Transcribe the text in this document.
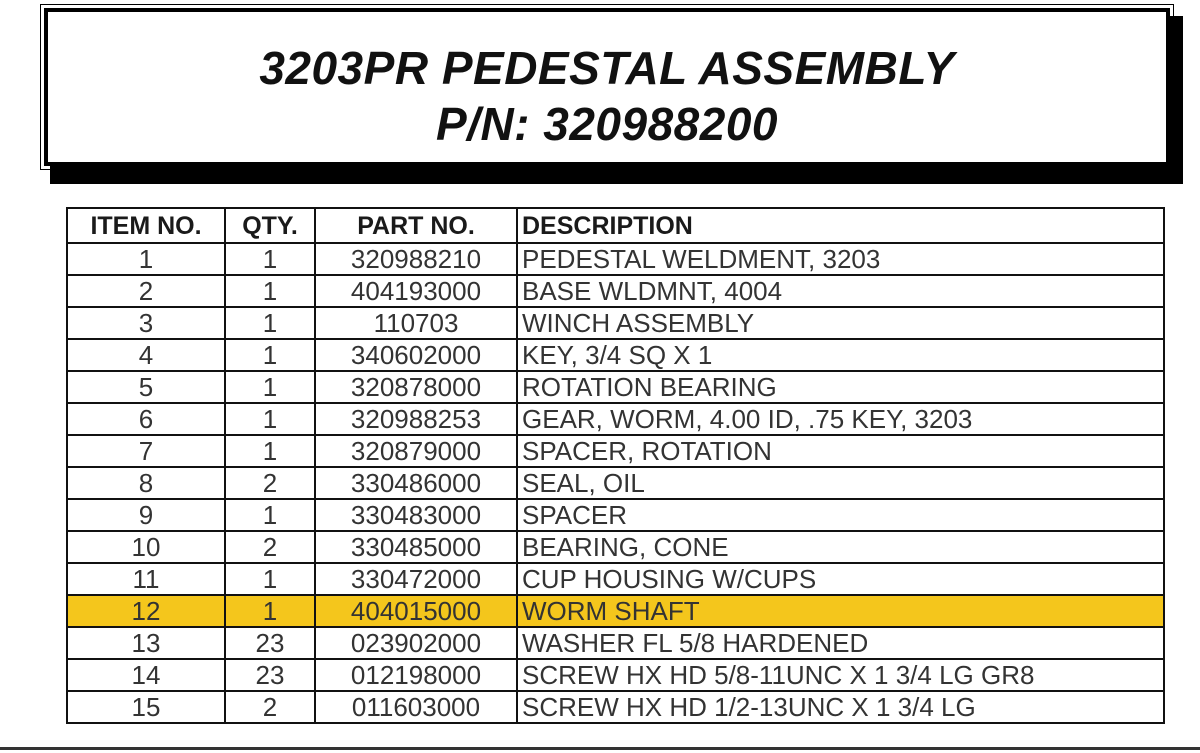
3203PR PEDESTAL ASSEMBLY
P/N: 320988200
ITEM NO.	QTY.	PART NO.	DESCRIPTION
1	1	320988210	PEDESTAL WELDMENT, 3203
2	1	404193000	BASE WLDMNT, 4004
3	1	110703	WINCH ASSEMBLY
4	1	340602000	KEY, 3/4 SQ X 1
5	1	320878000	ROTATION BEARING
6	1	320988253	GEAR, WORM, 4.00 ID, .75 KEY, 3203
7	1	320879000	SPACER, ROTATION
8	2	330486000	SEAL, OIL
9	1	330483000	SPACER
10	2	330485000	BEARING, CONE
11	1	330472000	CUP HOUSING W/CUPS
12	1	404015000	WORM SHAFT
13	23	023902000	WASHER FL 5/8 HARDENED
14	23	012198000	SCREW HX HD 5/8-11UNC X 1 3/4 LG GR8
15	2	011603000	SCREW HX HD 1/2-13UNC X 1 3/4 LG
